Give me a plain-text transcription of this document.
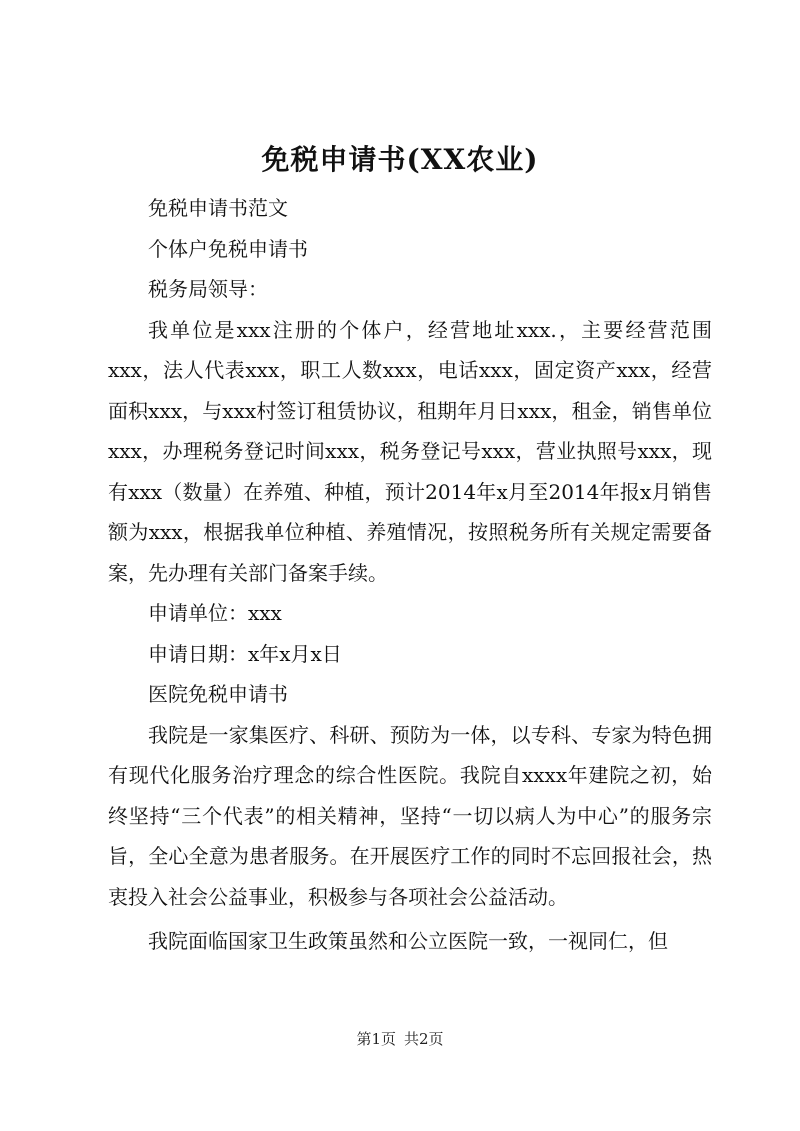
免税申请书(XX农业)

免税申请书范文

个体户免税申请书

税务局领导：

我单位是xxx注册的个体户，经营地址xxx.，主要经营范围xxx，法人代表xxx，职工人数xxx，电话xxx，固定资产xxx，经营面积xxx，与xxx村签订租赁协议，租期年月日xxx，租金，销售单位xxx，办理税务登记时间xxx，税务登记号xxx，营业执照号xxx，现有xxx（数量）在养殖、种植，预计2014年x月至2014年报x月销售额为xxx，根据我单位种植、养殖情况，按照税务所有关规定需要备案，先办理有关部门备案手续。

申请单位：xxx

申请日期：x年x月x日

医院免税申请书

我院是一家集医疗、科研、预防为一体，以专科、专家为特色拥有现代化服务治疗理念的综合性医院。我院自xxxx年建院之初，始终坚持“三个代表”的相关精神，坚持“一切以病人为中心”的服务宗旨，全心全意为患者服务。在开展医疗工作的同时不忘回报社会，热衷投入社会公益事业，积极参与各项社会公益活动。

我院面临国家卫生政策虽然和公立医院一致，一视同仁，但

第1页 共2页
